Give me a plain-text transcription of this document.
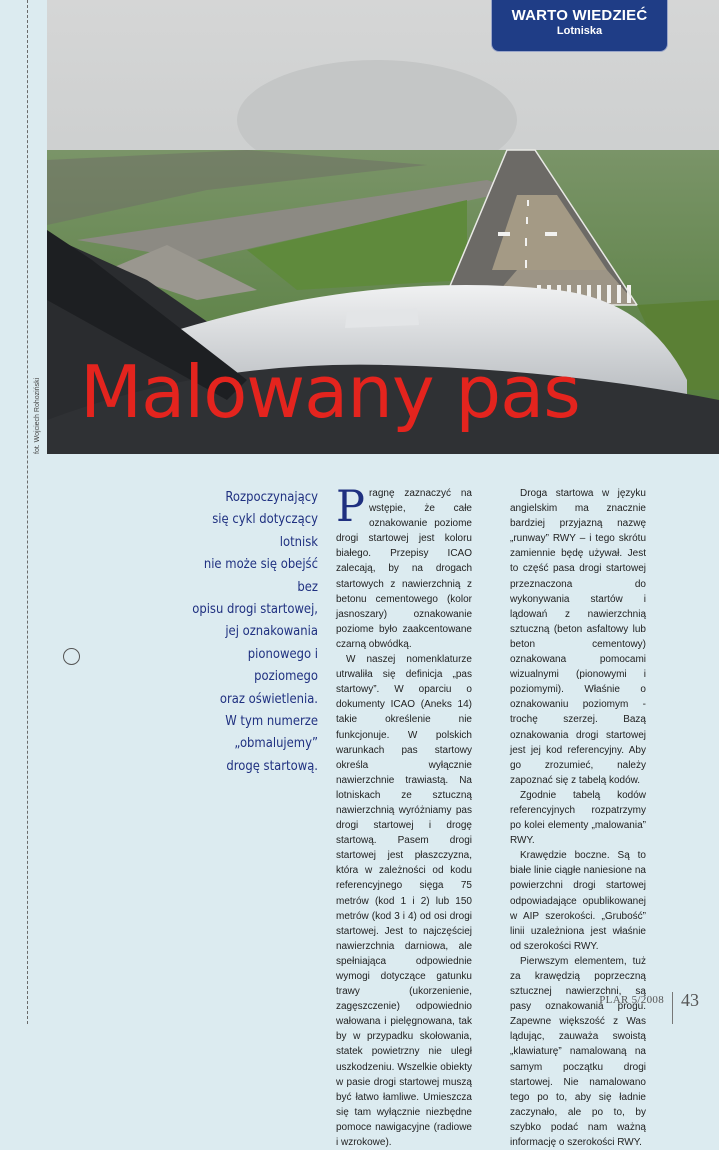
fot. Wojciech Rohoziński
WARTO WIEDZIEĆ
Lotniska
Malowany pas

Rozpoczynający

się cykl dotyczący lotnisk

nie może się obejść bez

opisu drogi startowej,

jej oznakowania

pionowego i poziomego

oraz oświetlenia.

W tym numerze

„obmalujemy”

drogę startową.

Pragnę zaznaczyć na wstępie, że całe oznakowanie poziome drogi startowej jest koloru białego. Przepisy ICAO zalecają, by na drogach startowych z nawierzchnią z betonu cementowego (kolor jasnoszary) oznakowanie poziome było zaakcentowane czarną obwódką.

W naszej nomenklaturze utrwaliła się definicja „pas startowy”. W oparciu o dokumenty ICAO (Aneks 14) takie określenie nie funkcjonuje. W polskich warunkach pas startowy określa wyłącznie nawierzchnie trawiastą. Na lotniskach ze sztuczną nawierzchnią wyróżniamy pas drogi startowej i drogę startową. Pasem drogi startowej jest płaszczyzna, która w zależności od kodu referencyjnego sięga 75 metrów (kod 1 i 2) lub 150 metrów (kod 3 i 4) od osi drogi startowej. Jest to najczęściej nawierzchnia darniowa, ale spełniająca odpowiednie wymogi dotyczące gatunku trawy (ukorzenienie, zagęszczenie) odpowiednio wałowana i pielęgnowana, tak by w przypadku skołowania, statek powietrzny nie uległ uszkodzeniu. Wszelkie obiekty w pasie drogi startowej muszą być łatwo łamliwe. Umieszcza się tam wyłącznie niezbędne pomoce nawigacyjne (radiowe i wzrokowe).

Droga startowa w języku angielskim ma znacznie bardziej przyjazną nazwę „runway” RWY – i tego skrótu zamiennie będę używał. Jest to część pasa drogi startowej przeznaczona do wykonywania startów i lądowań z nawierzchnią sztuczną (beton asfaltowy lub beton cementowy) oznakowana pomocami wizualnymi (pionowymi i poziomymi). Właśnie o oznakowaniu poziomym - trochę szerzej. Bazą oznakowania drogi startowej jest jej kod referencyjny. Aby go zrozumieć, należy zapoznać się z tabelą kodów.

Zgodnie tabelą kodów referencyjnych rozpatrzymy po kolei elementy „malowania” RWY.

Krawędzie boczne. Są to białe linie ciągłe naniesione na powierzchni drogi startowej odpowiadające opublikowanej w AIP szerokości. „Grubość” linii uzależniona jest właśnie od szerokości RWY.

Pierwszym elementem, tuż za krawędzią poprzeczną sztucznej nawierzchni, są pasy oznakowania progu. Zapewne większość z Was lądując, zauważa swoistą „klawiaturę” namalowaną na samym początku drogi startowej. Nie namalowano tego po to, aby się ładnie zaczynało, ale po to, by szybko podać nam ważną informację o szerokości RWY.

PLAR 5/2008 43
